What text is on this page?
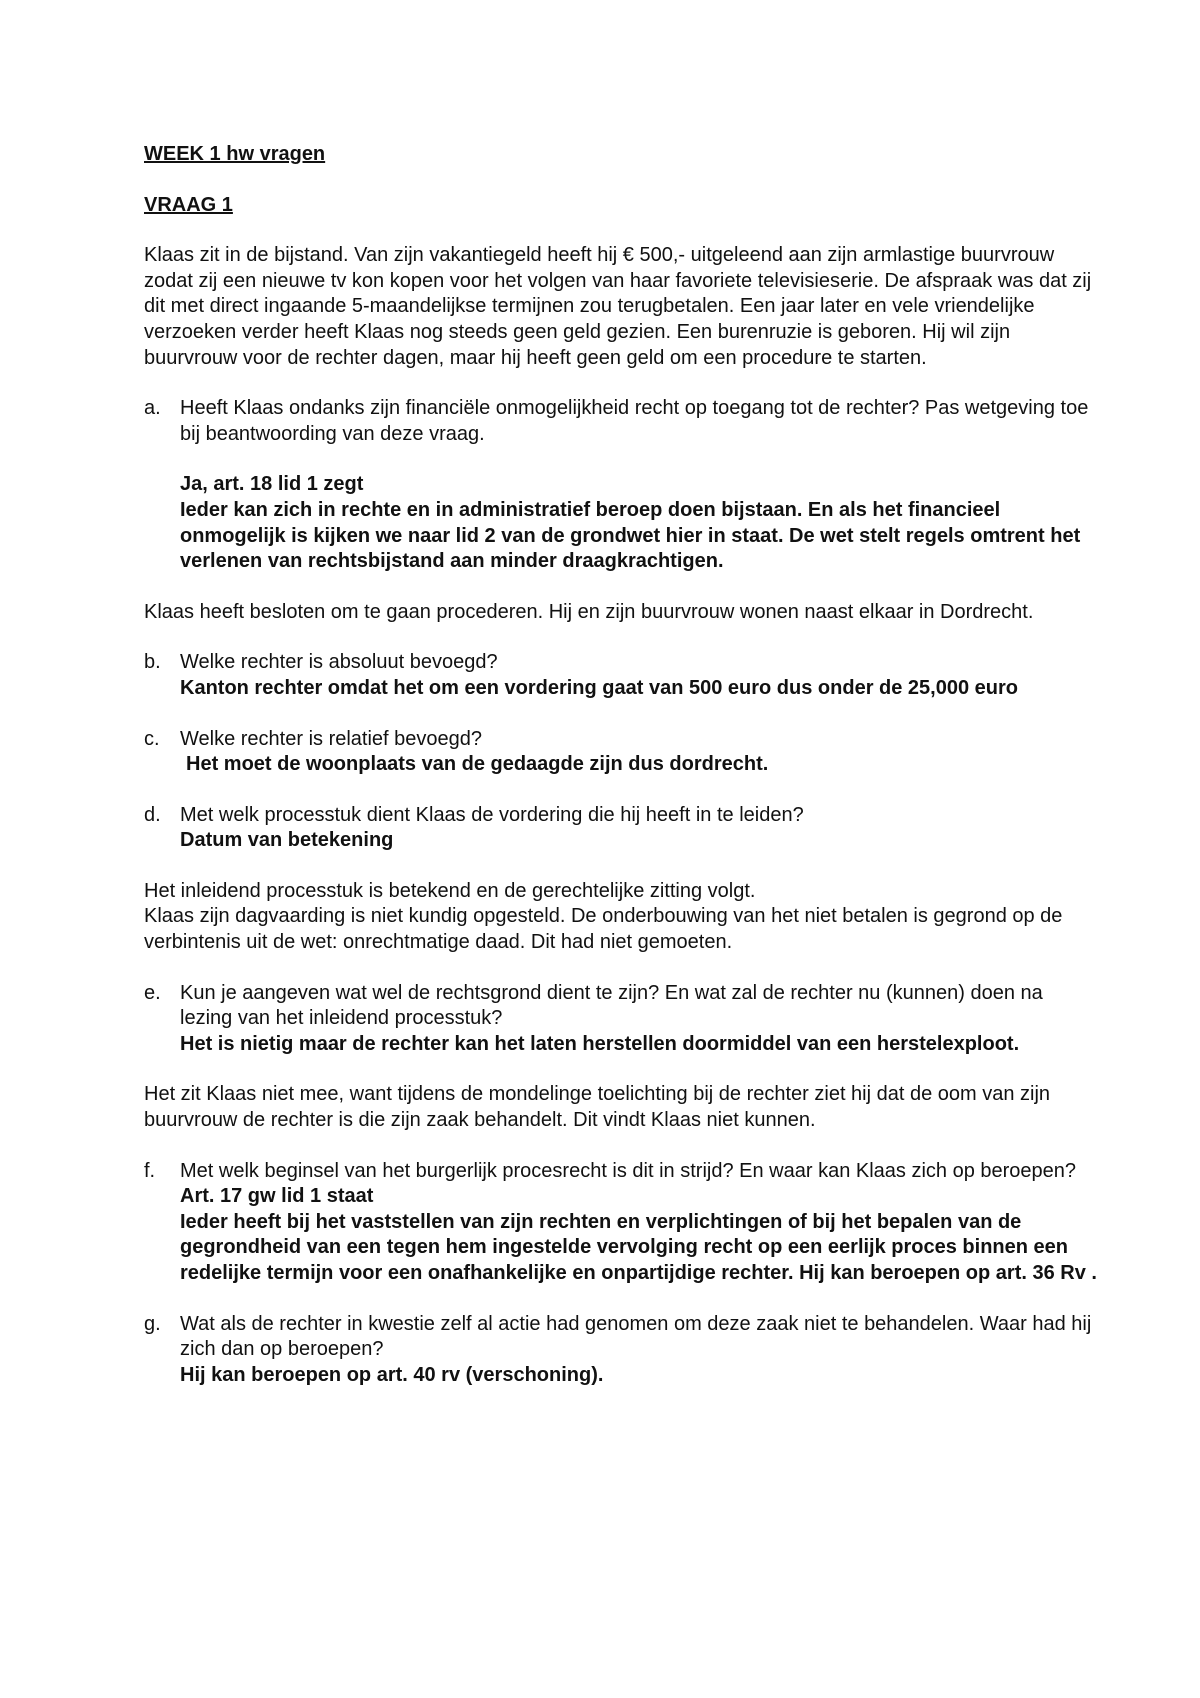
WEEK 1 hw vragen

VRAAG 1

Klaas zit in de bijstand. Van zijn vakantiegeld heeft hij € 500,- uitgeleend aan zijn armlastige buurvrouw zodat zij een nieuwe tv kon kopen voor het volgen van haar favoriete televisieserie. De afspraak was dat zij dit met direct ingaande 5-maandelijkse termijnen zou terugbetalen. Een jaar later en vele vriendelijke verzoeken verder heeft Klaas nog steeds geen geld gezien. Een burenruzie is geboren. Hij wil zijn buurvrouw voor de rechter dagen, maar hij heeft geen geld om een procedure te starten.

a. Heeft Klaas ondanks zijn financiële onmogelijkheid recht op toegang tot de rechter? Pas wetgeving toe bij beantwoording van deze vraag.

Ja, art. 18 lid 1 zegt

Ieder kan zich in rechte en in administratief beroep doen bijstaan. En als het financieel onmogelijk is kijken we naar lid 2 van de grondwet hier in staat. De wet stelt regels omtrent het verlenen van rechtsbijstand aan minder draagkrachtigen.

Klaas heeft besloten om te gaan procederen. Hij en zijn buurvrouw wonen naast elkaar in Dordrecht.

b. Welke rechter is absoluut bevoegd?

Kanton rechter omdat het om een vordering gaat van 500 euro dus onder de 25,000 euro

c. Welke rechter is relatief bevoegd?

Het moet de woonplaats van de gedaagde zijn dus dordrecht.

d. Met welk processtuk dient Klaas de vordering die hij heeft in te leiden?

Datum van betekening

Het inleidend processtuk is betekend en de gerechtelijke zitting volgt.

Klaas zijn dagvaarding is niet kundig opgesteld. De onderbouwing van het niet betalen is gegrond op de verbintenis uit de wet: onrechtmatige daad. Dit had niet gemoeten.

e. Kun je aangeven wat wel de rechtsgrond dient te zijn? En wat zal de rechter nu (kunnen) doen na lezing van het inleidend processtuk?

Het is nietig maar de rechter kan het laten herstellen doormiddel van een herstelexploot.

Het zit Klaas niet mee, want tijdens de mondelinge toelichting bij de rechter ziet hij dat de oom van zijn buurvrouw de rechter is die zijn zaak behandelt. Dit vindt Klaas niet kunnen.

f. Met welk beginsel van het burgerlijk procesrecht is dit in strijd? En waar kan Klaas zich op beroepen?

Art. 17 gw lid 1 staat

Ieder heeft bij het vaststellen van zijn rechten en verplichtingen of bij het bepalen van de gegrondheid van een tegen hem ingestelde vervolging recht op een eerlijk proces binnen een redelijke termijn voor een onafhankelijke en onpartijdige rechter. Hij kan beroepen op art. 36 Rv .

g. Wat als de rechter in kwestie zelf al actie had genomen om deze zaak niet te behandelen. Waar had hij zich dan op beroepen?

Hij kan beroepen op art. 40 rv (verschoning).
